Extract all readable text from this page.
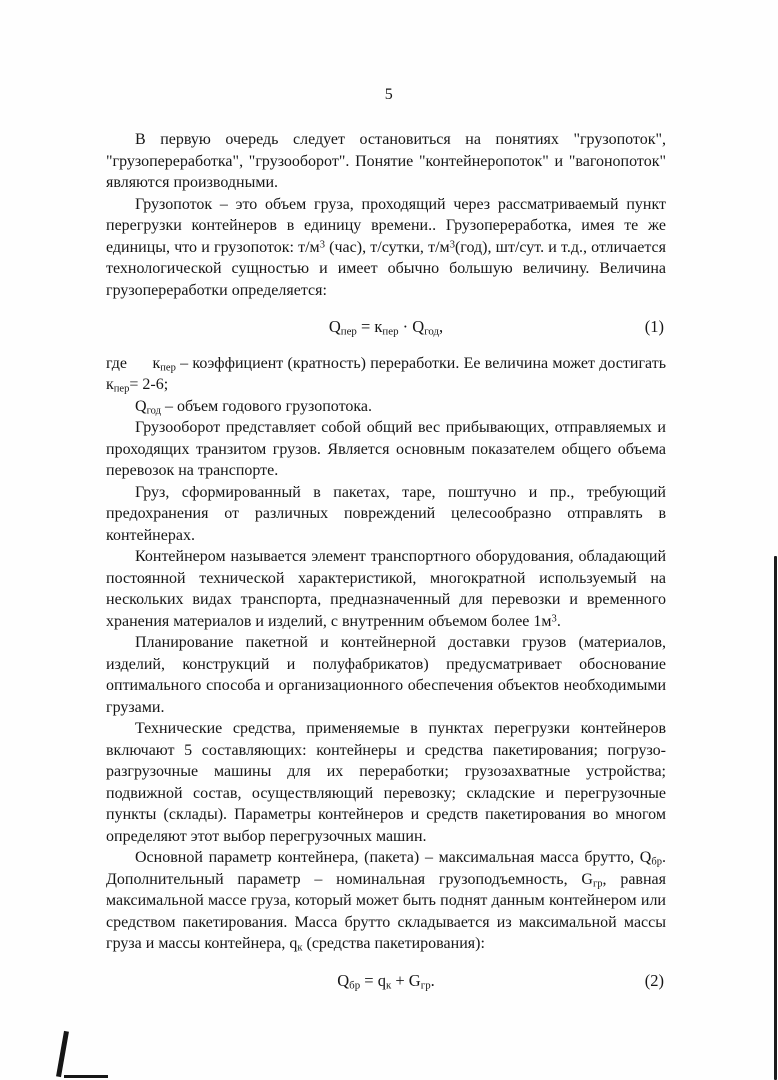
5

В первую очередь следует остановиться на понятиях "грузопоток", "грузопереработка", "грузооборот". Понятие "контейнеропоток" и "вагонопоток" являются производными.

Грузопоток – это объем груза, проходящий через рассматриваемый пункт перегрузки контейнеров в единицу времени.. Грузопереработка, имея те же единицы, что и грузопоток: $т/м^3$ (час), т/сутки, $т/м^3(год)$, шт/сут. и т.д., отличается технологической сущностью и имеет обычно большую величину. Величина грузопереработки определяется:

$Q_{пер} = к_{пер} \cdot Q_{год}$,	(1)

где      $к_{пер}$ – коэффициент (кратность) переработки. Ее величина может достигать $к_{пер}= 2-6$;

$Q_{год}$ – объем годового грузопотока.

Грузооборот представляет собой общий вес прибывающих, отправляемых и проходящих транзитом грузов. Является основным показателем общего объема перевозок на транспорте.

Груз, сформированный в пакетах, таре, поштучно и пр., требующий предохранения от различных повреждений целесообразно отправлять в контейнерах.

Контейнером называется элемент транспортного оборудования, обладающий постоянной технической характеристикой, многократной используемый на нескольких видах транспорта, предназначенный для перевозки и временного хранения материалов и изделий, с внутренним объемом более $1м^3$.

Планирование пакетной и контейнерной доставки грузов (материалов, изделий, конструкций и полуфабрикатов) предусматривает обоснование оптимального способа и организационного обеспечения объектов необходимыми грузами.

Технические средства, применяемые в пунктах перегрузки контейнеров включают 5 составляющих: контейнеры и средства пакетирования; погрузо-разгрузочные машины для их переработки; грузозахватные устройства; подвижной состав, осуществляющий перевозку; складские и перегрузочные пункты (склады). Параметры контейнеров и средств пакетирования во многом определяют этот выбор перегрузочных машин.

Основной параметр контейнера, (пакета) – максимальная масса брутто, $Q_{бр}$. Дополнительный параметр – номинальная грузоподъемность, $G_{гр}$, равная максимальной массе груза, который может быть поднят данным контейнером или средством пакетирования. Масса брутто складывается из максимальной массы груза и массы контейнера, $q_к$ (средства пакетирования):

$Q_{бр} = q_к + G_{гр}$.	(2)
